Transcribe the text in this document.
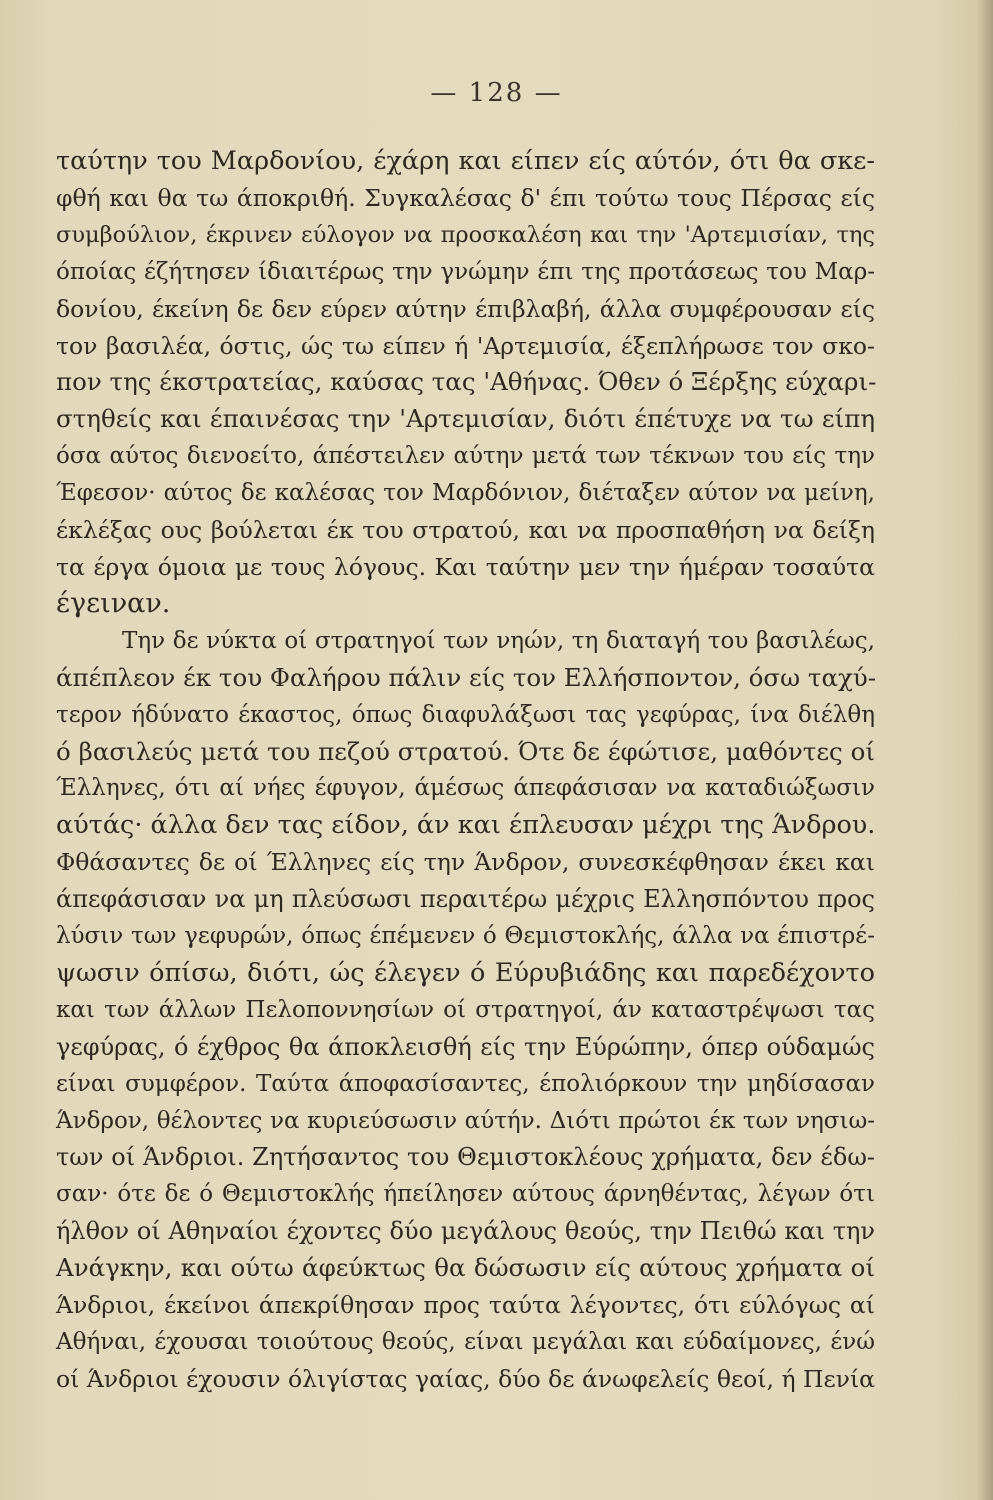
— 128 —
ταύτην του Μαρδονίου, έχάρη και είπεν είς αύτόν, ότι θα σκε-
φθή και θα τω άποκριθή. Συγκαλέσας δ' έπι τούτω τους Πέρσας είς
συμβούλιον, έκρινεν εύλογον να προσκαλέση και την 'Αρτεμισίαν, της
όποίας έζήτησεν ίδιαιτέρως την γνώμην έπι της προτάσεως του Μαρ-
δονίου, έκείνη δε δεν εύρεν αύτην έπιβλαβή, άλλα συμφέρουσαν είς
τον βασιλέα, όστις, ώς τω είπεν ή 'Αρτεμισία, έξεπλήρωσε τον σκο-
πον της έκστρατείας, καύσας τας 'Αθήνας. Όθεν ό Ξέρξης εύχαρι-
στηθείς και έπαινέσας την 'Αρτεμισίαν, διότι έπέτυχε να τω είπη
όσα αύτος διενοείτο, άπέστειλεν αύτην μετά των τέκνων του είς την
Έφεσον· αύτος δε καλέσας τον Μαρδόνιον, διέταξεν αύτον να μείνη,
έκλέξας ους βούλεται έκ του στρατού, και να προσπαθήση να δείξη
τα έργα όμοια με τους λόγους. Και ταύτην μεν την ήμέραν τοσαύτα
έγειναν.
Την δε νύκτα οί στρατηγοί των νηών, τη διαταγή του βασιλέως,
άπέπλεον έκ του Φαλήρου πάλιν είς τον Ελλήσποντον, όσω ταχύ-
τερον ήδύνατο έκαστος, όπως διαφυλάξωσι τας γεφύρας, ίνα διέλθη
ό βασιλεύς μετά του πεζού στρατού. Ότε δε έφώτισε, μαθόντες οί
Έλληνες, ότι αί νήες έφυγον, άμέσως άπεφάσισαν να καταδιώξωσιν
αύτάς· άλλα δεν τας είδον, άν και έπλευσαν μέχρι της Άνδρου.
Φθάσαντες δε οί Έλληνες είς την Άνδρον, συνεσκέφθησαν έκει και
άπεφάσισαν να μη πλεύσωσι περαιτέρω μέχρις Ελλησπόντου προς
λύσιν των γεφυρών, όπως έπέμενεν ό Θεμιστοκλής, άλλα να έπιστρέ-
ψωσιν όπίσω, διότι, ώς έλεγεν ό Εύρυβιάδης και παρεδέχοντο
και των άλλων Πελοποννησίων οί στρατηγοί, άν καταστρέψωσι τας
γεφύρας, ό έχθρος θα άποκλεισθή είς την Εύρώπην, όπερ ούδαμώς
είναι συμφέρον. Ταύτα άποφασίσαντες, έπολιόρκουν την μηδίσασαν
Άνδρον, θέλοντες να κυριεύσωσιν αύτήν. Διότι πρώτοι έκ των νησιω-
των οί Άνδριοι. Ζητήσαντος του Θεμιστοκλέους χρήματα, δεν έδω-
σαν· ότε δε ό Θεμιστοκλής ήπείλησεν αύτους άρνηθέντας, λέγων ότι
ήλθον οί Αθηναίοι έχοντες δύο μεγάλους θεούς, την Πειθώ και την
Ανάγκην, και ούτω άφεύκτως θα δώσωσιν είς αύτους χρήματα οί
Άνδριοι, έκείνοι άπεκρίθησαν προς ταύτα λέγοντες, ότι εύλόγως αί
Αθήναι, έχουσαι τοιούτους θεούς, είναι μεγάλαι και εύδαίμονες, ένώ
οί Άνδριοι έχουσιν όλιγίστας γαίας, δύο δε άνωφελείς θεοί, ή Πενία
